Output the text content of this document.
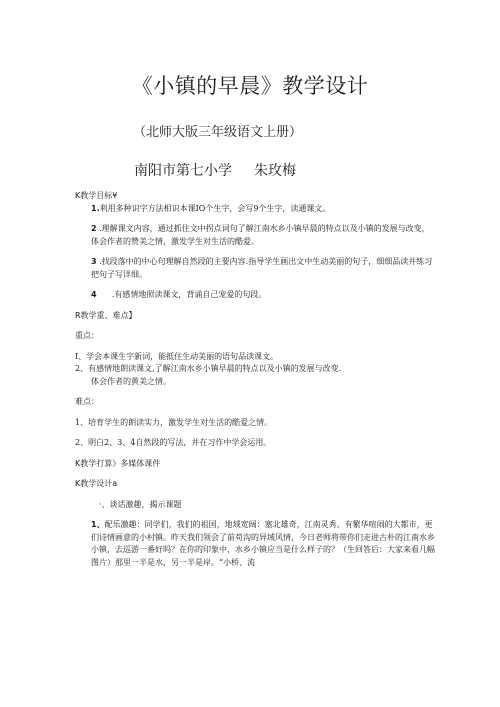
《小镇的早晨》教学设计
（北师大版三年级语文上册）
南阳市第七小学 朱玫梅

K教学目标¥

1.利用多种识字方法相识本课IO个生字，会写9个生字，读通课文。

2 .理解课文内容，通过抓住文中拐点词句了解江南水乡小镇早晨的特点以及小镇的发展与改变，体会作者的赞美之情，激发学生对生活的酷爱。

3 .找段落中的中心句理解自然段的主要内容.指导学生画出文中生动美丽的句子，细细品读并练习把句子写详细。

4 .有感情地照读课文，背诵自己宠爱的句段。

R教学重、难点】

重点：

I、学会本课生字新词，能抵住生动美丽的语句品读课文。

2、有感情地朗读课文,了解江南水乡小镇早晨的特点以及小镇的发展与改变.

体会作者的黄美之情。

难点：

1、培育学生的朗读实力，激发学生对生活的酷爱之情。

2、明白2、3、4自然段的写法，并在习作中学会运用。

K教学打算》多媒体课件

K教学设计a

·、谈话激趣，揭示课题

1、配乐激趣：同学们，我们的祖国，地域宽阔：塞北雄奇，江南灵秀。有繁华喧闹的大都市，更们诗情画意的小村镇。昨天我们领会了前苟沟的异域风情，今日老师将带你们走进古朴的江南水乡小镇，去巡游一番好吗？在你的印象中，水乡小镇应当是什么样子的？（生回答后：大家来看几幅图片）那里一半是水，另一半是岸。“小桥、流
